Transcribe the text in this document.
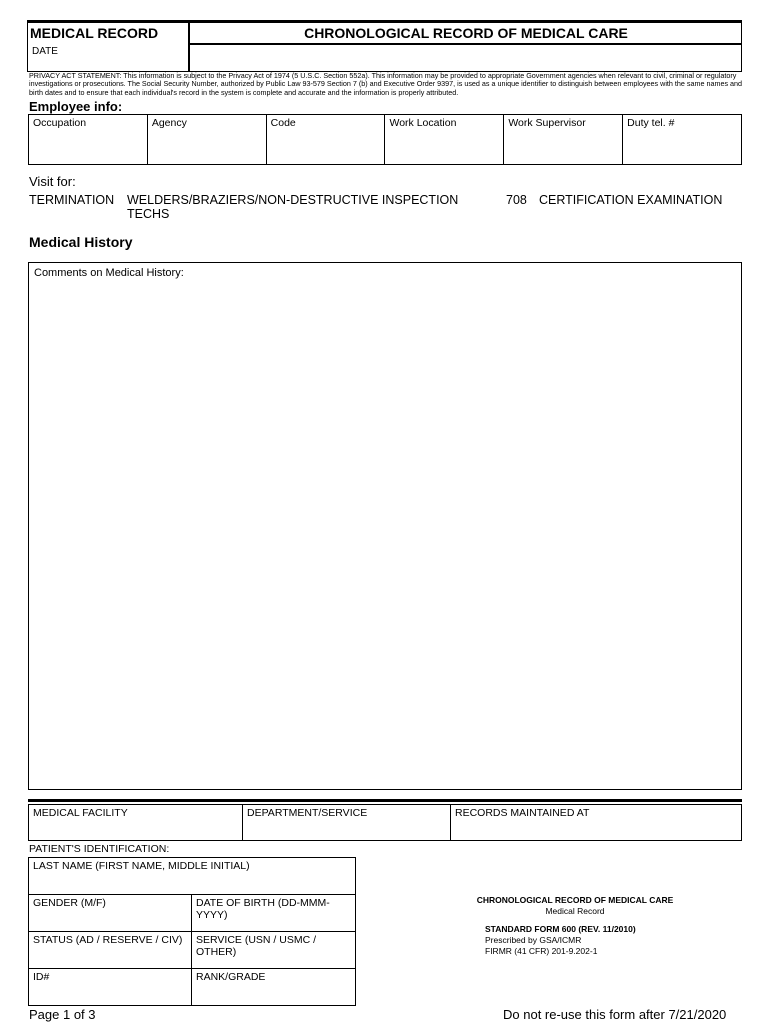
MEDICAL RECORD	CHRONOLOGICAL RECORD OF MEDICAL CARE
DATE
PRIVACY ACT STATEMENT: This information is subject to the Privacy Act of 1974 (5 U.S.C. Section 552a). This information may be provided to appropriate Government agencies when relevant to civil, criminal or regulatory investigations or prosecutions. The Social Security Number, authorized by Public Law 93-579 Section 7 (b) and Executive Order 9397, is used as a unique identifier to distinguish between employees with the same names and birth dates and to ensure that each individual's record in the system is complete and accurate and the information is properly attributed.
Employee info:
Occupation	Agency	Code	Work Location	Work Supervisor	Duty tel. #
Visit for:
TERMINATION WELDERS/BRAZIERS/NON-DESTRUCTIVE INSPECTION TECHS
708 CERTIFICATION EXAMINATION
Medical History
Comments on Medical History:
MEDICAL FACILITY	DEPARTMENT/SERVICE	RECORDS MAINTAINED AT
PATIENT'S IDENTIFICATION:
LAST NAME (FIRST NAME, MIDDLE INITIAL)
GENDER (M/F)	DATE OF BIRTH (DD-MMM-YYYY)
STATUS (AD / RESERVE / CIV)	SERVICE (USN / USMC / OTHER)
ID#	RANK/GRADE
CHRONOLOGICAL RECORD OF MEDICAL CARE
Medical Record
STANDARD FORM 600 (REV. 11/2010)
Prescribed by GSA/ICMR
FIRMR (41 CFR) 201-9.202-1
Page 1 of 3	Do not re-use this form after 7/21/2020
